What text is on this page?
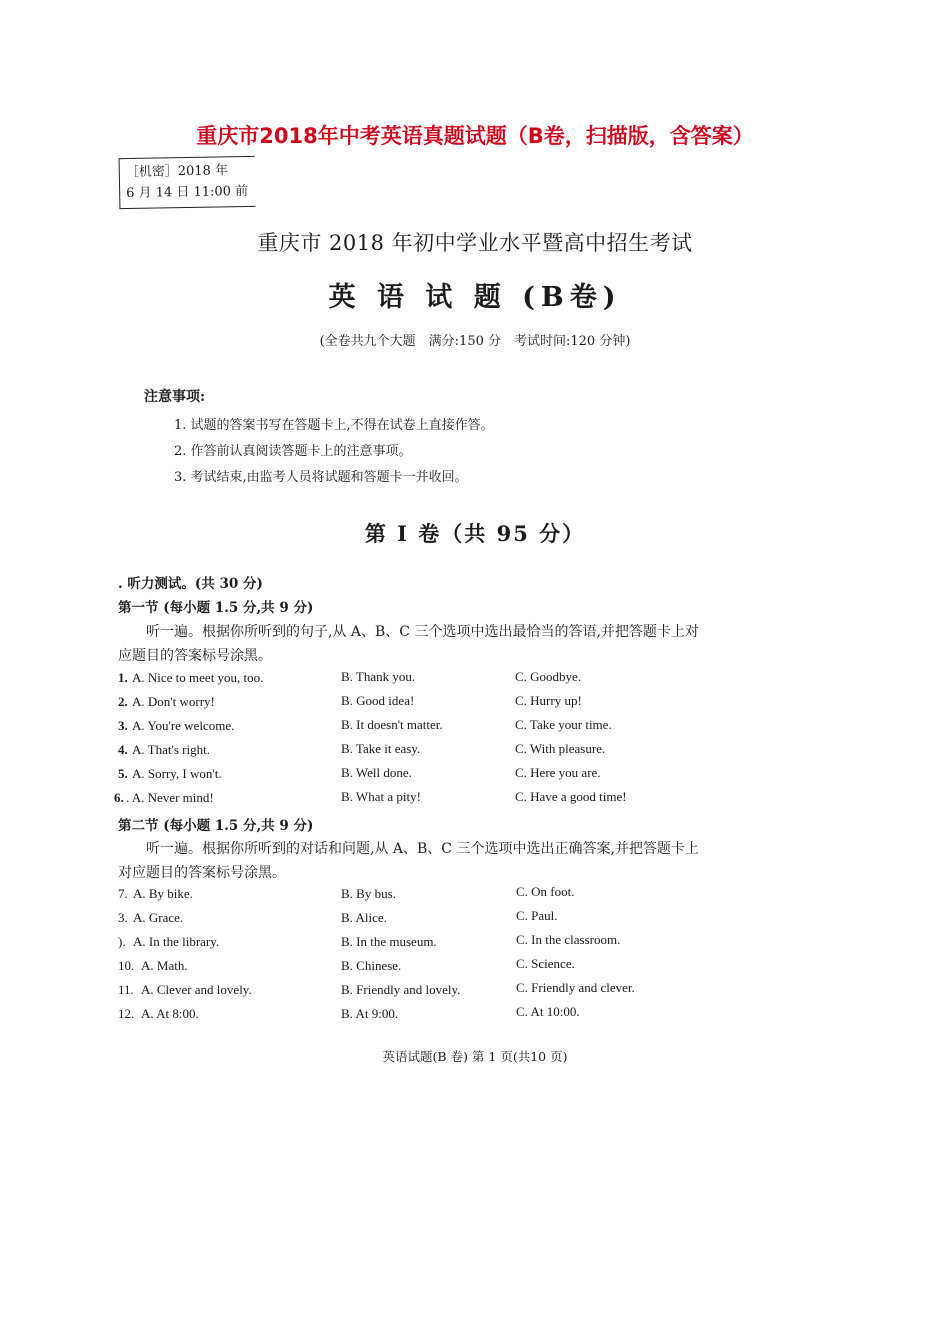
重庆市2018年中考英语真题试题（B卷，扫描版，含答案）
［机密］2018 年
6 月 14 日 11:00 前
重庆市 2018 年初中学业水平暨高中招生考试
英 语 试 题 (B卷)
(全卷共九个大题　满分:150 分　考试时间:120 分钟)
注意事项:
1. 试题的答案书写在答题卡上,不得在试卷上直接作答。
2. 作答前认真阅读答题卡上的注意事项。
3. 考试结束,由监考人员将试题和答题卡一并收回。
第 I 卷（共 95 分）
. 听力测试。(共 30 分)
第一节 (每小题 1.5 分,共 9 分)
听一遍。根据你所听到的句子,从 A、B、C 三个选项中选出最恰当的答语,并把答题卡上对
应题目的答案标号涂黑。
1. A. Nice to meet you, too.	B. Thank you.	C. Goodbye.
2. A. Don't worry!	B. Good idea!	C. Hurry up!
3. A. You're welcome.	B. It doesn't matter.	C. Take your time.
4. A. That's right.	B. Take it easy.	C. With pleasure.
5. A. Sorry, I won't.	B. Well done.	C. Here you are.
6. . A. Never mind!	B. What a pity!	C. Have a good time!
第二节 (每小题 1.5 分,共 9 分)
听一遍。根据你所听到的对话和问题,从 A、B、C 三个选项中选出正确答案,并把答题卡上
对应题目的答案标号涂黑。
7. A. By bike.	B. By bus.	C. On foot.
3. A. Grace.	B. Alice.	C. Paul.
). A. In the library.	B. In the museum.	C. In the classroom.
10. A. Math.	B. Chinese.	C. Science.
11. A. Clever and lovely.	B. Friendly and lovely.	C. Friendly and clever.
12. A. At 8:00.	B. At 9:00.	C. At 10:00.
英语试题(B 卷) 第 1 页(共10 页)
